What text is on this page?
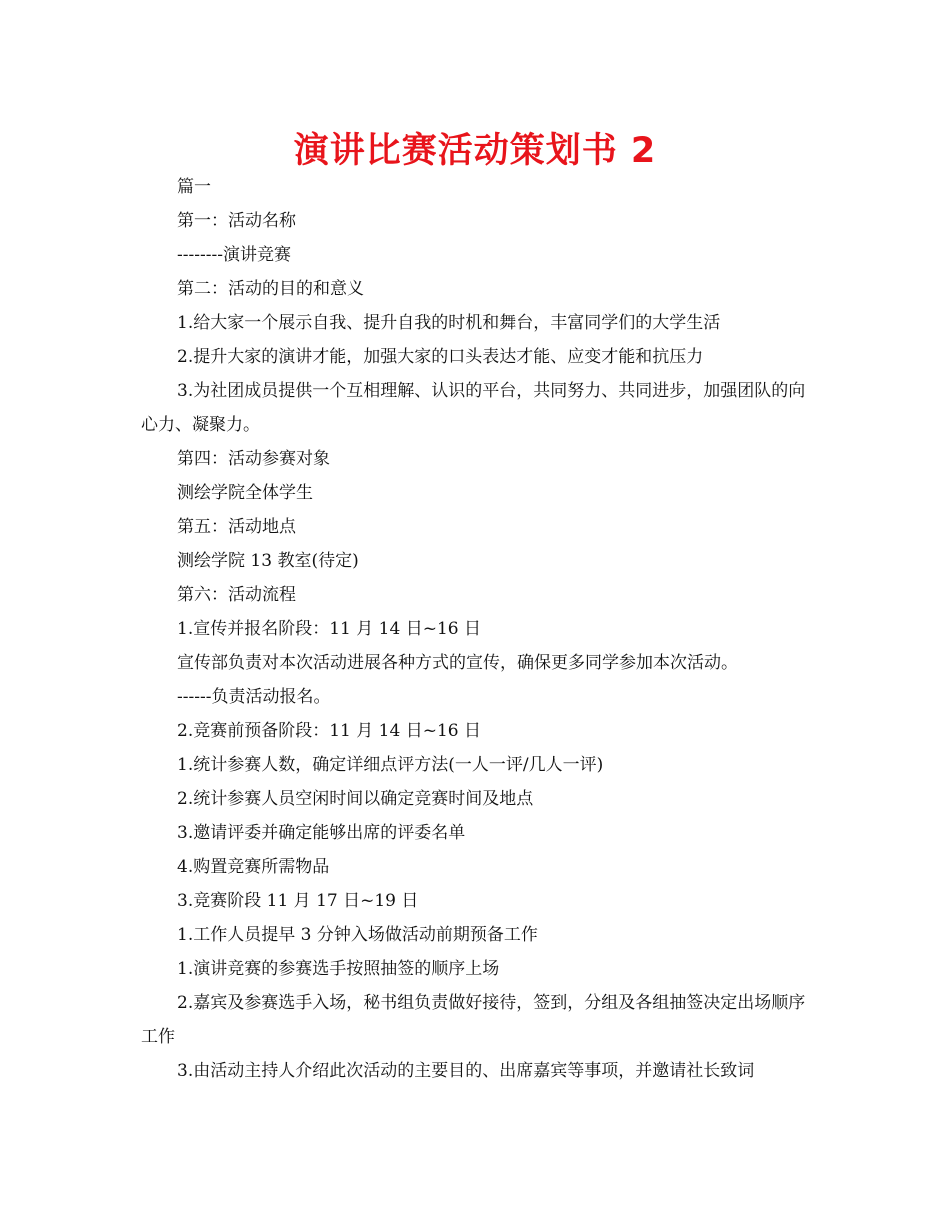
演讲比赛活动策划书 2

篇一

第一：活动名称

--------演讲竞赛

第二：活动的目的和意义

1.给大家一个展示自我、提升自我的时机和舞台，丰富同学们的大学生活

2.提升大家的演讲才能，加强大家的口头表达才能、应变才能和抗压力

3.为社团成员提供一个互相理解、认识的平台，共同努力、共同进步，加强团队的向心力、凝聚力。

第四：活动参赛对象

测绘学院全体学生

第五：活动地点

测绘学院 13 教室(待定)

第六：活动流程

1.宣传并报名阶段：11 月 14 日~16 日

宣传部负责对本次活动进展各种方式的宣传，确保更多同学参加本次活动。

------负责活动报名。

2.竞赛前预备阶段：11 月 14 日~16 日

1.统计参赛人数，确定详细点评方法(一人一评/几人一评)

2.统计参赛人员空闲时间以确定竞赛时间及地点

3.邀请评委并确定能够出席的评委名单

4.购置竞赛所需物品

3.竞赛阶段 11 月 17 日~19 日

1.工作人员提早 3 分钟入场做活动前期预备工作

1.演讲竞赛的参赛选手按照抽签的顺序上场

2.嘉宾及参赛选手入场，秘书组负责做好接待，签到，分组及各组抽签决定出场顺序工作

3.由活动主持人介绍此次活动的主要目的、出席嘉宾等事项，并邀请社长致词
